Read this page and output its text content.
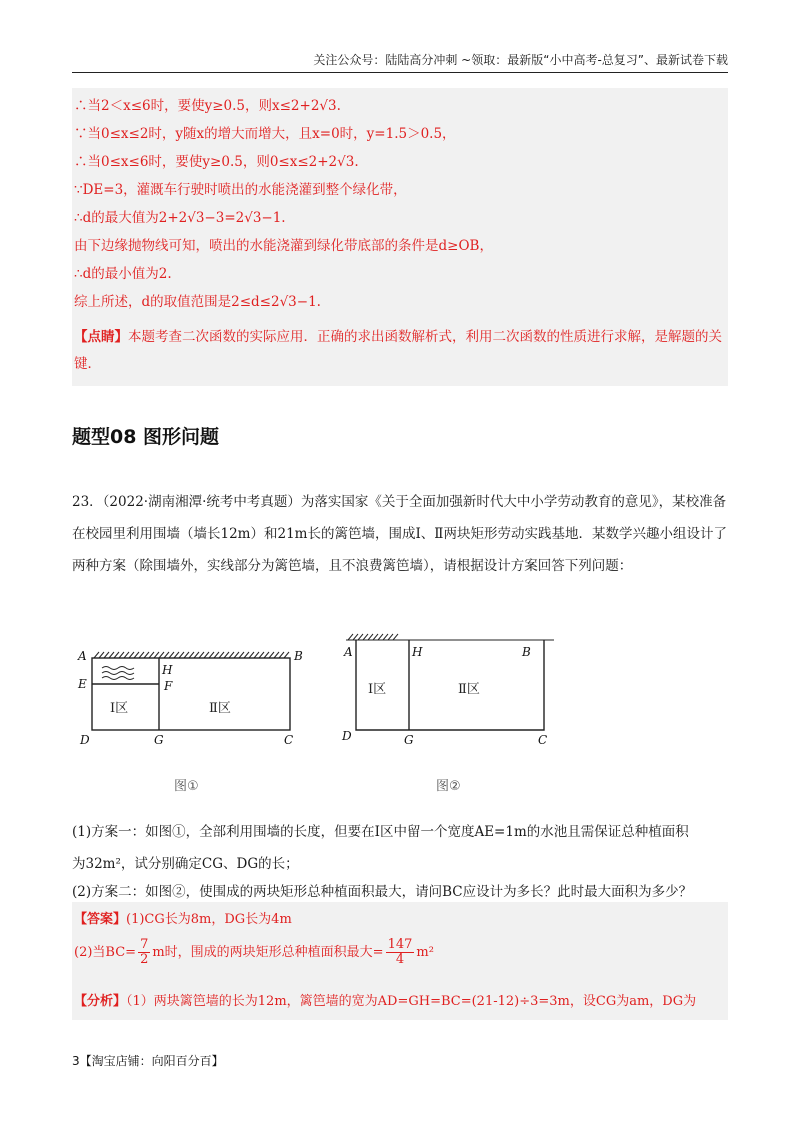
关注公众号：陆陆高分冲刺 ~领取：最新版“小中高考-总复习”、最新试卷下载
∴当2＜x≤6时，要使y≥0.5，则x≤2+2√3.
∵当0≤x≤2时，y随x的增大而增大，且x=0时，y=1.5＞0.5，
∴当0≤x≤6时，要使y≥0.5，则0≤x≤2+2√3.
∵DE=3，灌溉车行驶时喷出的水能浇灌到整个绿化带，
∴d的最大值为2+2√3−3=2√3−1.
由下边缘抛物线可知，喷出的水能浇灌到绿化带底部的条件是d≥OB，
∴d的最小值为2.
综上所述，d的取值范围是2≤d≤2√3−1.
【点睛】本题考查二次函数的实际应用．正确的求出函数解析式，利用二次函数的性质进行求解，是解题的关键．
题型08 图形问题
23．（2022·湖南湘潭·统考中考真题）为落实国家《关于全面加强新时代大中小学劳动教育的意见》，某校准备在校园里利用围墙（墙长12m）和21m长的篱笆墙，围成Ⅰ、Ⅱ两块矩形劳动实践基地．某数学兴趣小组设计了两种方案（除围墙外，实线部分为篱笆墙，且不浪费篱笆墙），请根据设计方案回答下列问题：
A	B
E
H
F
D	G	C
Ⅰ区	Ⅱ区
图①
A	H	B
D	G	C
Ⅰ区	Ⅱ区
图②
(1)方案一：如图①，全部利用围墙的长度，但要在Ⅰ区中留一个宽度AE=1m的水池且需保证总种植面积
为32m²，试分别确定CG、DG的长；
(2)方案二：如图②，使围成的两块矩形总种植面积最大，请问BC应设计为多长？此时最大面积为多少？
【答案】(1)CG长为8m，DG长为4m
(2)当$BC= \frac{7}{2}$ m时，围成的两块矩形总种植面积最大= $\frac{147}{4} m^2$
【分析】（1）两块篱笆墙的长为12m，篱笆墙的宽为AD=GH=BC=(21-12)÷3=3m，设CG为am，DG为
3【淘宝店铺：向阳百分百】
